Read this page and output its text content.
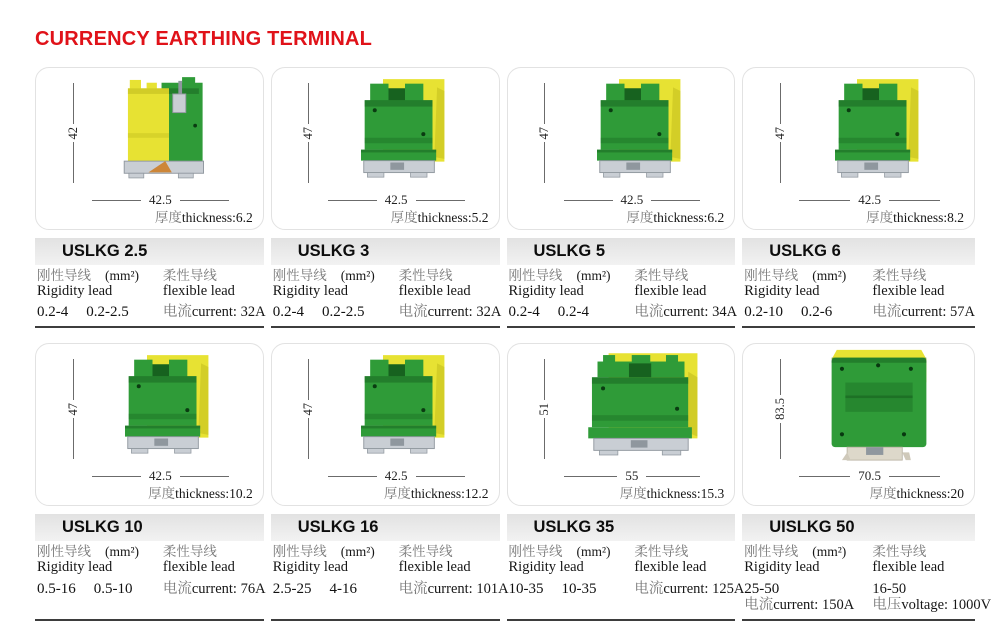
CURRENCY EARTHING TERMINAL
42
42.5
厚度thickness:6.2
USLKG 2.5
刚性导线 (mm²)
Rigidity lead
0.2-4 0.2-2.5
柔性导线
flexible lead
电流current: 32A
47
42.5
厚度thickness:5.2
USLKG 3
刚性导线 (mm²)
Rigidity lead
0.2-4 0.2-2.5
柔性导线
flexible lead
电流current: 32A
47
42.5
厚度thickness:6.2
USLKG 5
刚性导线 (mm²)
Rigidity lead
0.2-4 0.2-4
柔性导线
flexible lead
电流current: 34A
47
42.5
厚度thickness:8.2
USLKG 6
刚性导线 (mm²)
Rigidity lead
0.2-10 0.2-6
柔性导线
flexible lead
电流current: 57A
47
42.5
厚度thickness:10.2
USLKG 10
刚性导线 (mm²)
Rigidity lead
0.5-16 0.5-10
柔性导线
flexible lead
电流current: 76A
47
42.5
厚度thickness:12.2
USLKG 16
刚性导线 (mm²)
Rigidity lead
2.5-25 4-16
柔性导线
flexible lead
电流current: 101A
51
55
厚度thickness:15.3
USLKG 35
刚性导线 (mm²)
Rigidity lead
10-35 10-35
柔性导线
flexible lead
电流current: 125A
83.5
70.5
厚度thickness:20
UISLKG 50
刚性导线 (mm²)
Rigidity lead
25-50
电流current: 150A
柔性导线
flexible lead
16-50
电压voltage: 1000V
